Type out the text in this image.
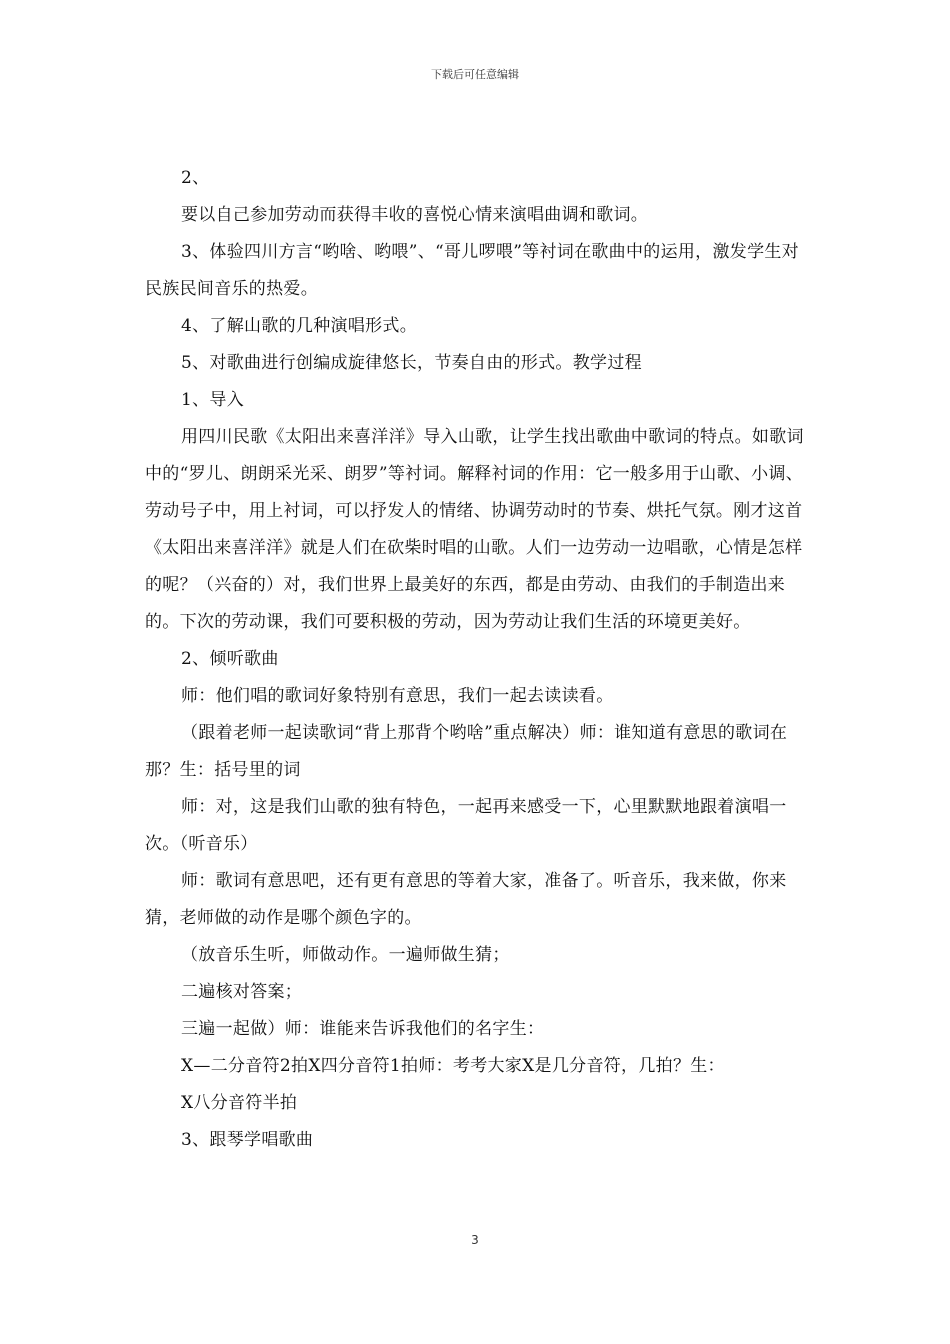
下载后可任意编辑

2、

要以自己参加劳动而获得丰收的喜悦心情来演唱曲调和歌词。

3、体验四川方言“哟啥、哟喂”、“哥儿啰喂”等衬词在歌曲中的运用，激发学生对民族民间音乐的热爱。

4、了解山歌的几种演唱形式。

5、对歌曲进行创编成旋律悠长，节奏自由的形式。教学过程

1、导入

用四川民歌《太阳出来喜洋洋》导入山歌，让学生找出歌曲中歌词的特点。如歌词中的“罗儿、朗朗采光采、朗罗”等衬词。解释衬词的作用：它一般多用于山歌、小调、劳动号子中，用上衬词，可以抒发人的情绪、协调劳动时的节奏、烘托气氛。刚才这首《太阳出来喜洋洋》就是人们在砍柴时唱的山歌。人们一边劳动一边唱歌，心情是怎样的呢？（兴奋的）对，我们世界上最美好的东西，都是由劳动、由我们的手制造出来的。下次的劳动课，我们可要积极的劳动，因为劳动让我们生活的环境更美好。

2、倾听歌曲

师：他们唱的歌词好象特别有意思，我们一起去读读看。

（跟着老师一起读歌词“背上那背个哟啥”重点解决）师：谁知道有意思的歌词在那？生：括号里的词

师：对，这是我们山歌的独有特色，一起再来感受一下，心里默默地跟着演唱一次。（听音乐）

师：歌词有意思吧，还有更有意思的等着大家，准备了。听音乐，我来做，你来猜，老师做的动作是哪个颜色字的。

（放音乐生听，师做动作。一遍师做生猜；

二遍核对答案；

三遍一起做）师：谁能来告诉我他们的名字生：

X—二分音符2拍X四分音符1拍师：考考大家X是几分音符，几拍？生：

X八分音符半拍

3、跟琴学唱歌曲

3
